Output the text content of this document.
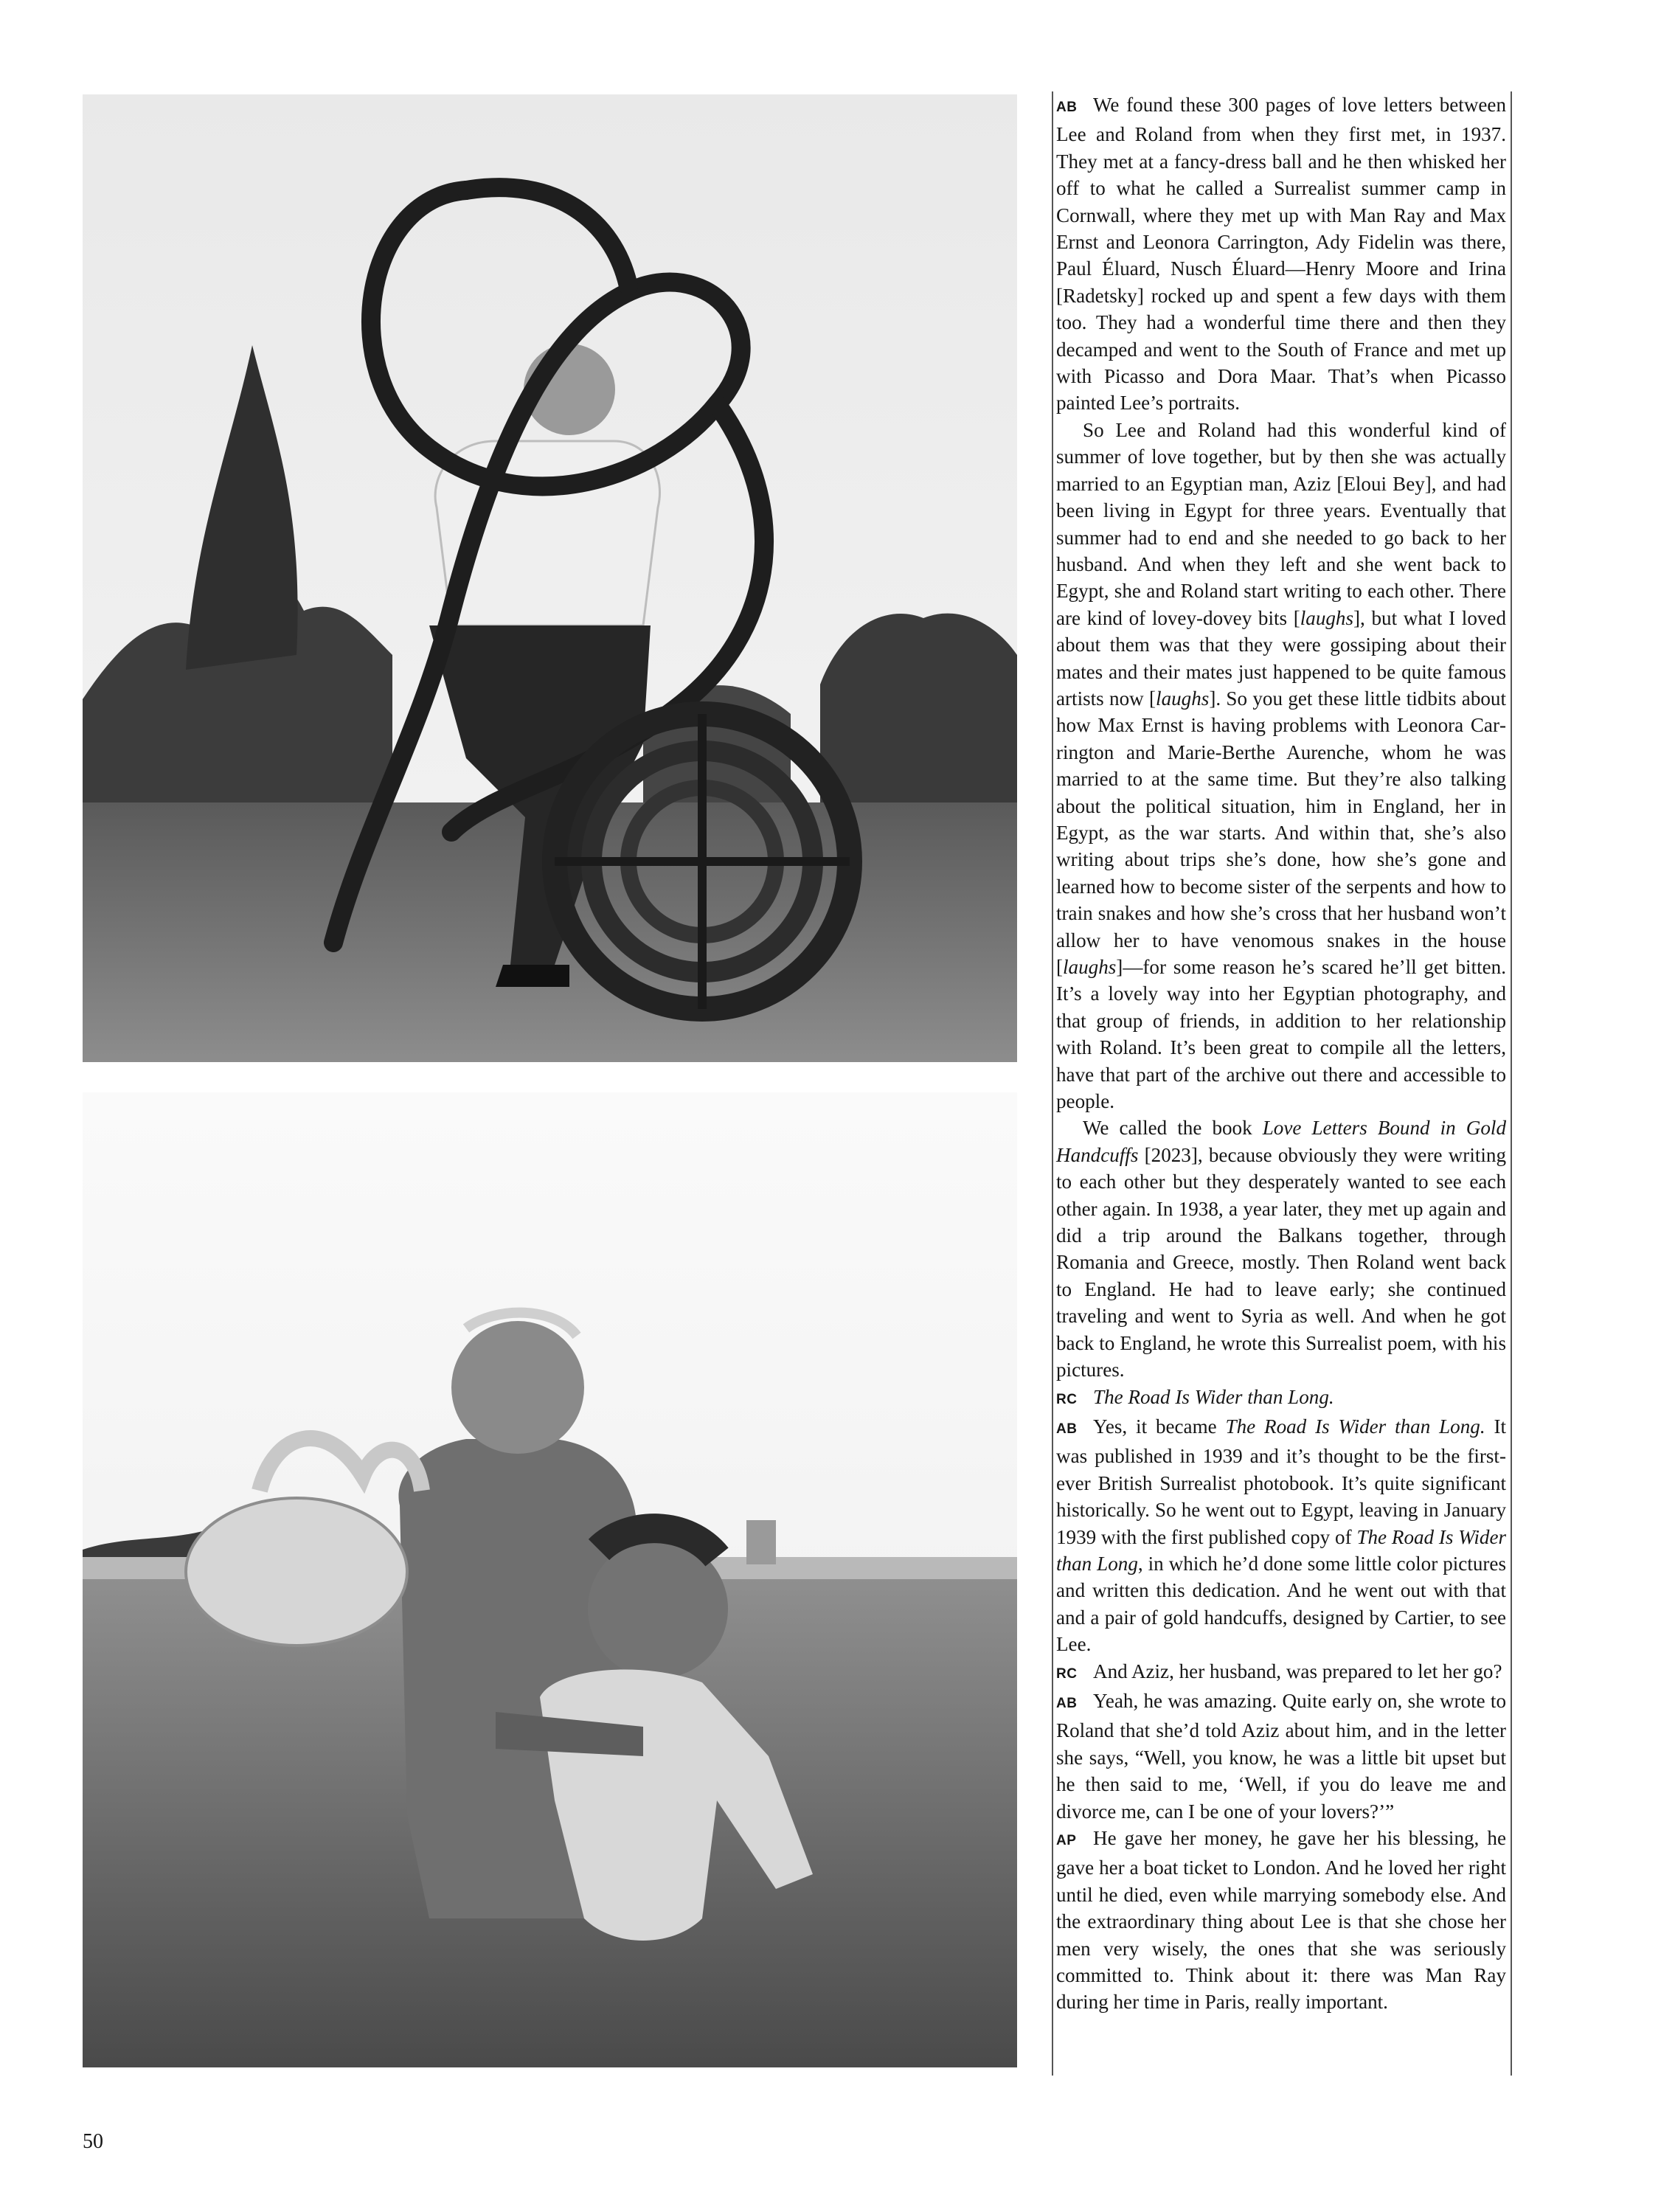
AB We found these 300 pages of love letters between Lee and Roland from when they first met, in 1937. They met at a fancy-dress ball and he then whisked her off to what he called a Surrealist summer camp in Cornwall, where they met up with Man Ray and Max Ernst and Leonora Carrington, Ady Fidelin was there, Paul Éluard, Nusch Éluard—Henry Moore and Irina [Radetsky] rocked up and spent a few days with them too. They had a wonderful time there and then they decamped and went to the South of France and met up with Picasso and Dora Maar. That’s when Picasso painted Lee’s portraits.

So Lee and Roland had this wonderful kind of summer of love together, but by then she was actually married to an Egyptian man, Aziz [Eloui Bey], and had been living in Egypt for three years. Eventually that summer had to end and she needed to go back to her husband. And when they left and she went back to Egypt, she and Roland start writing to each other. There are kind of lovey-dovey bits [laughs], but what I loved about them was that they were gossiping about their mates and their mates just happened to be quite famous artists now [laughs]. So you get these little tidbits about how Max Ernst is having problems with Leonora Carrington and Marie-Berthe Aurenche, whom he was married to at the same time. But they’re also talking about the political situation, him in England, her in Egypt, as the war starts. And within that, she’s also writing about trips she’s done, how she’s gone and learned how to become sister of the serpents and how to train snakes and how she’s cross that her husband won’t allow her to have venomous snakes in the house [laughs]—for some reason he’s scared he’ll get bitten. It’s a lovely way into her Egyptian photography, and that group of friends, in addition to her relationship with Roland. It’s been great to compile all the letters, have that part of the archive out there and accessible to people.

We called the book Love Letters Bound in Gold Handcuffs [2023], because obviously they were writing to each other but they desperately wanted to see each other again. In 1938, a year later, they met up again and did a trip around the Balkans together, through Romania and Greece, mostly. Then Roland went back to England. He had to leave early; she continued traveling and went to Syria as well. And when he got back to England, he wrote this Surrealist poem, with his pictures.

RC The Road Is Wider than Long.

AB Yes, it became The Road Is Wider than Long. It was published in 1939 and it’s thought to be the first-ever British Surrealist photobook. It’s quite significant historically. So he went out to Egypt, leaving in January 1939 with the first published copy of The Road Is Wider than Long, in which he’d done some little color pictures and written this dedication. And he went out with that and a pair of gold handcuffs, designed by Cartier, to see Lee.

RC And Aziz, her husband, was prepared to let her go?

AB Yeah, he was amazing. Quite early on, she wrote to Roland that she’d told Aziz about him, and in the letter she says, “Well, you know, he was a little bit upset but he then said to me, ‘Well, if you do leave me and divorce me, can I be one of your lovers?’”

AP He gave her money, he gave her his blessing, he gave her a boat ticket to London. And he loved her right until he died, even while marrying somebody else. And the extraordinary thing about Lee is that she chose her men very wisely, the ones that she was seriously committed to. Think about it: there was Man Ray during her time in Paris, really important.

50
